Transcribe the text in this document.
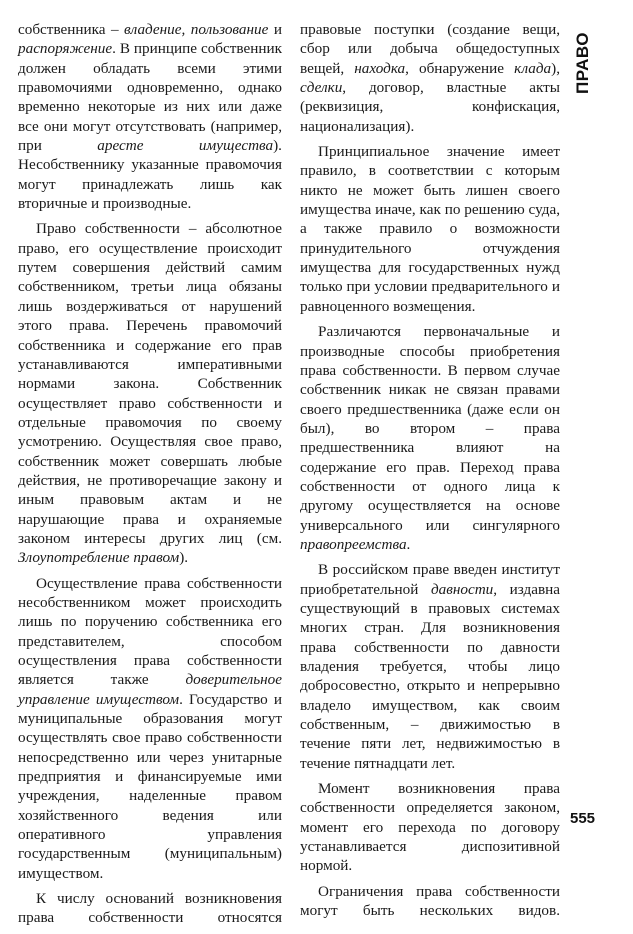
собственника – владение, пользование и распоряжение. В принципе собственник должен обладать всеми этими правомочиями одновременно, однако временно некоторые из них или даже все они могут отсутствовать (например, при аресте имущества). Несобственнику указанные правомочия могут принадлежать лишь как вторичные и производные.

Право собственности – абсолютное право, его осуществление происходит путем совершения действий самим собственником, третьи лица обязаны лишь воздерживаться от нарушений этого права. Перечень правомочий собственника и содержание его прав устанавливаются императивными нормами закона. Собственник осуществляет право собственности и отдельные правомочия по своему усмотрению. Осуществляя свое право, собственник может совершать любые действия, не противоречащие закону и иным правовым актам и не нарушающие права и охраняемые законом интересы других лиц (см. Злоупотребление правом).

Осуществление права собственности несобственником может происходить лишь по поручению собственника его представителем, способом осуществления права собственности является также доверительное управление имуществом. Государство и муниципальные образования могут осуществлять свое право собственности непосредственно или через унитарные предприятия и финансируемые ими учреждения, наделенные правом хозяйственного ведения или оперативного управления государственным (муниципальным) имуществом.

К числу оснований возникновения права собственности относятся

правовые поступки (создание вещи, сбор или добыча общедоступных вещей, находка, обнаружение клада), сделки, договор, властные акты (реквизиция, конфискация, национализация).

Принципиальное значение имеет правило, в соответствии с которым никто не может быть лишен своего имущества иначе, как по решению суда, а также правило о возможности принудительного отчуждения имущества для государственных нужд только при условии предварительного и равноценного возмещения.

Различаются первоначальные и производные способы приобретения права собственности. В первом случае собственник никак не связан правами своего предшественника (даже если он был), во втором – права предшественника влияют на содержание его прав. Переход права собственности от одного лица к другому осуществляется на основе универсального или сингулярного правопреемства.

В российском праве введен институт приобретательной давности, издавна существующий в правовых системах многих стран. Для возникновения права собственности по давности владения требуется, чтобы лицо добросовестно, открыто и непрерывно владело имуществом, как своим собственным, – движимостью в течение пяти лет, недвижимостью в течение пятнадцати лет.

Момент возникновения права собственности определяется законом, момент его перехода по договору устанавливается диспозитивной нормой.

Ограничения права собственности могут быть нескольких видов.

ПРАВО
555
